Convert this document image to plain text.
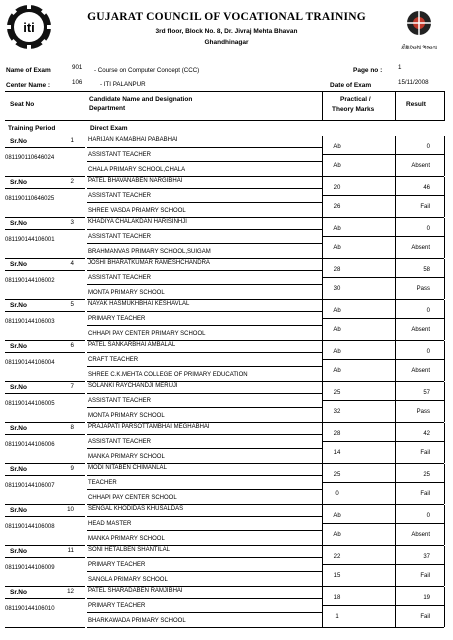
iti
કૌશલ્યમાં ભવ્યતા
GUJARAT COUNCIL OF VOCATIONAL TRAINING
3rd floor, Block No. 8, Dr. Jivraj Mehta Bhavan
Ghandhinagar
Name of Exam	901 - Course on Computer Concept (CCC)	Page no :	1
Center Name :	106	- ITI PALANPUR	Date of Exam	15/11/2008
Seat No
Candidate Name and Designation
Department
Practical /
Theory Marks
Result
Training Period	Direct Exam
Sr.No	1
081190110646024
HARIJAN KAMABHAI PABABHAI
ASSISTANT TEACHER
CHALA PRIMARY SCHOOL,CHALA
Ab	0
Ab	Absent
Sr.No	2
081190110646025
PATEL BHAVANABEN NARGIBHAI
ASSISTANT TEACHER
SHREE VASDA PRIAMRY SCHOOL
20	46
26	Fail
Sr.No	3
081190144106001
KHADIYA CHALAKDAN HARISINHJI
ASSISTANT TEACHER
BRAHMANVAS PRIMARY SCHOOL,SUIGAM
Ab	0
Ab	Absent
Sr.No	4
081190144106002
JOSHI BHARATKUMAR RAMESHCHANDRA
ASSISTANT TEACHER
MONTA PRIMARY SCHOOL
28	58
30	Pass
Sr.No	5
081190144106003
NAYAK HASMUKHBHAI KESHAVLAL
PRIMARY TEACHER
CHHAPI PAY CENTER PRIMARY SCHOOL
Ab	0
Ab	Absent
Sr.No	6
081190144106004
PATEL SANKARBHAI AMBALAL
CRAFT TEACHER
SHREE C.K.MEHTA COLLEGE OF PRIMARY EDUCATION
Ab	0
Ab	Absent
Sr.No	7
081190144106005
SOLANKI RAYCHANDJI MERUJI
ASSISTANT TEACHER
MONTA PRIMARY SCHOOL
25	57
32	Pass
Sr.No	8
081190144106006
PRAJAPATI PARSOTTAMBHAI MEGHABHAI
ASSISTANT TEACHER
MANKA PRIMARY SCHOOL
28	42
14	Fail
Sr.No	9
081190144106007
MODI NITABEN CHIMANLAL
TEACHER
CHHAPI PAY CENTER SCHOOL
25	25
0	Fail
Sr.No	10
081190144106008
SENGAL KHODIDAS KHUSALDAS
HEAD MASTER
MANKA PRIMARY SCHOOL
Ab	0
Ab	Absent
Sr.No	11
081190144106009
SONI HETALBEN SHANTILAL
PRIMARY TEACHER
SANGLA PRIMARY SCHOOL
22	37
15	Fail
Sr.No	12
081190144106010
PATEL SHARADABEN RAMJIBHAI
PRIMARY TEACHER
BHARKAWADA PRIMARY SCHOOL
18	19
1	Fail
